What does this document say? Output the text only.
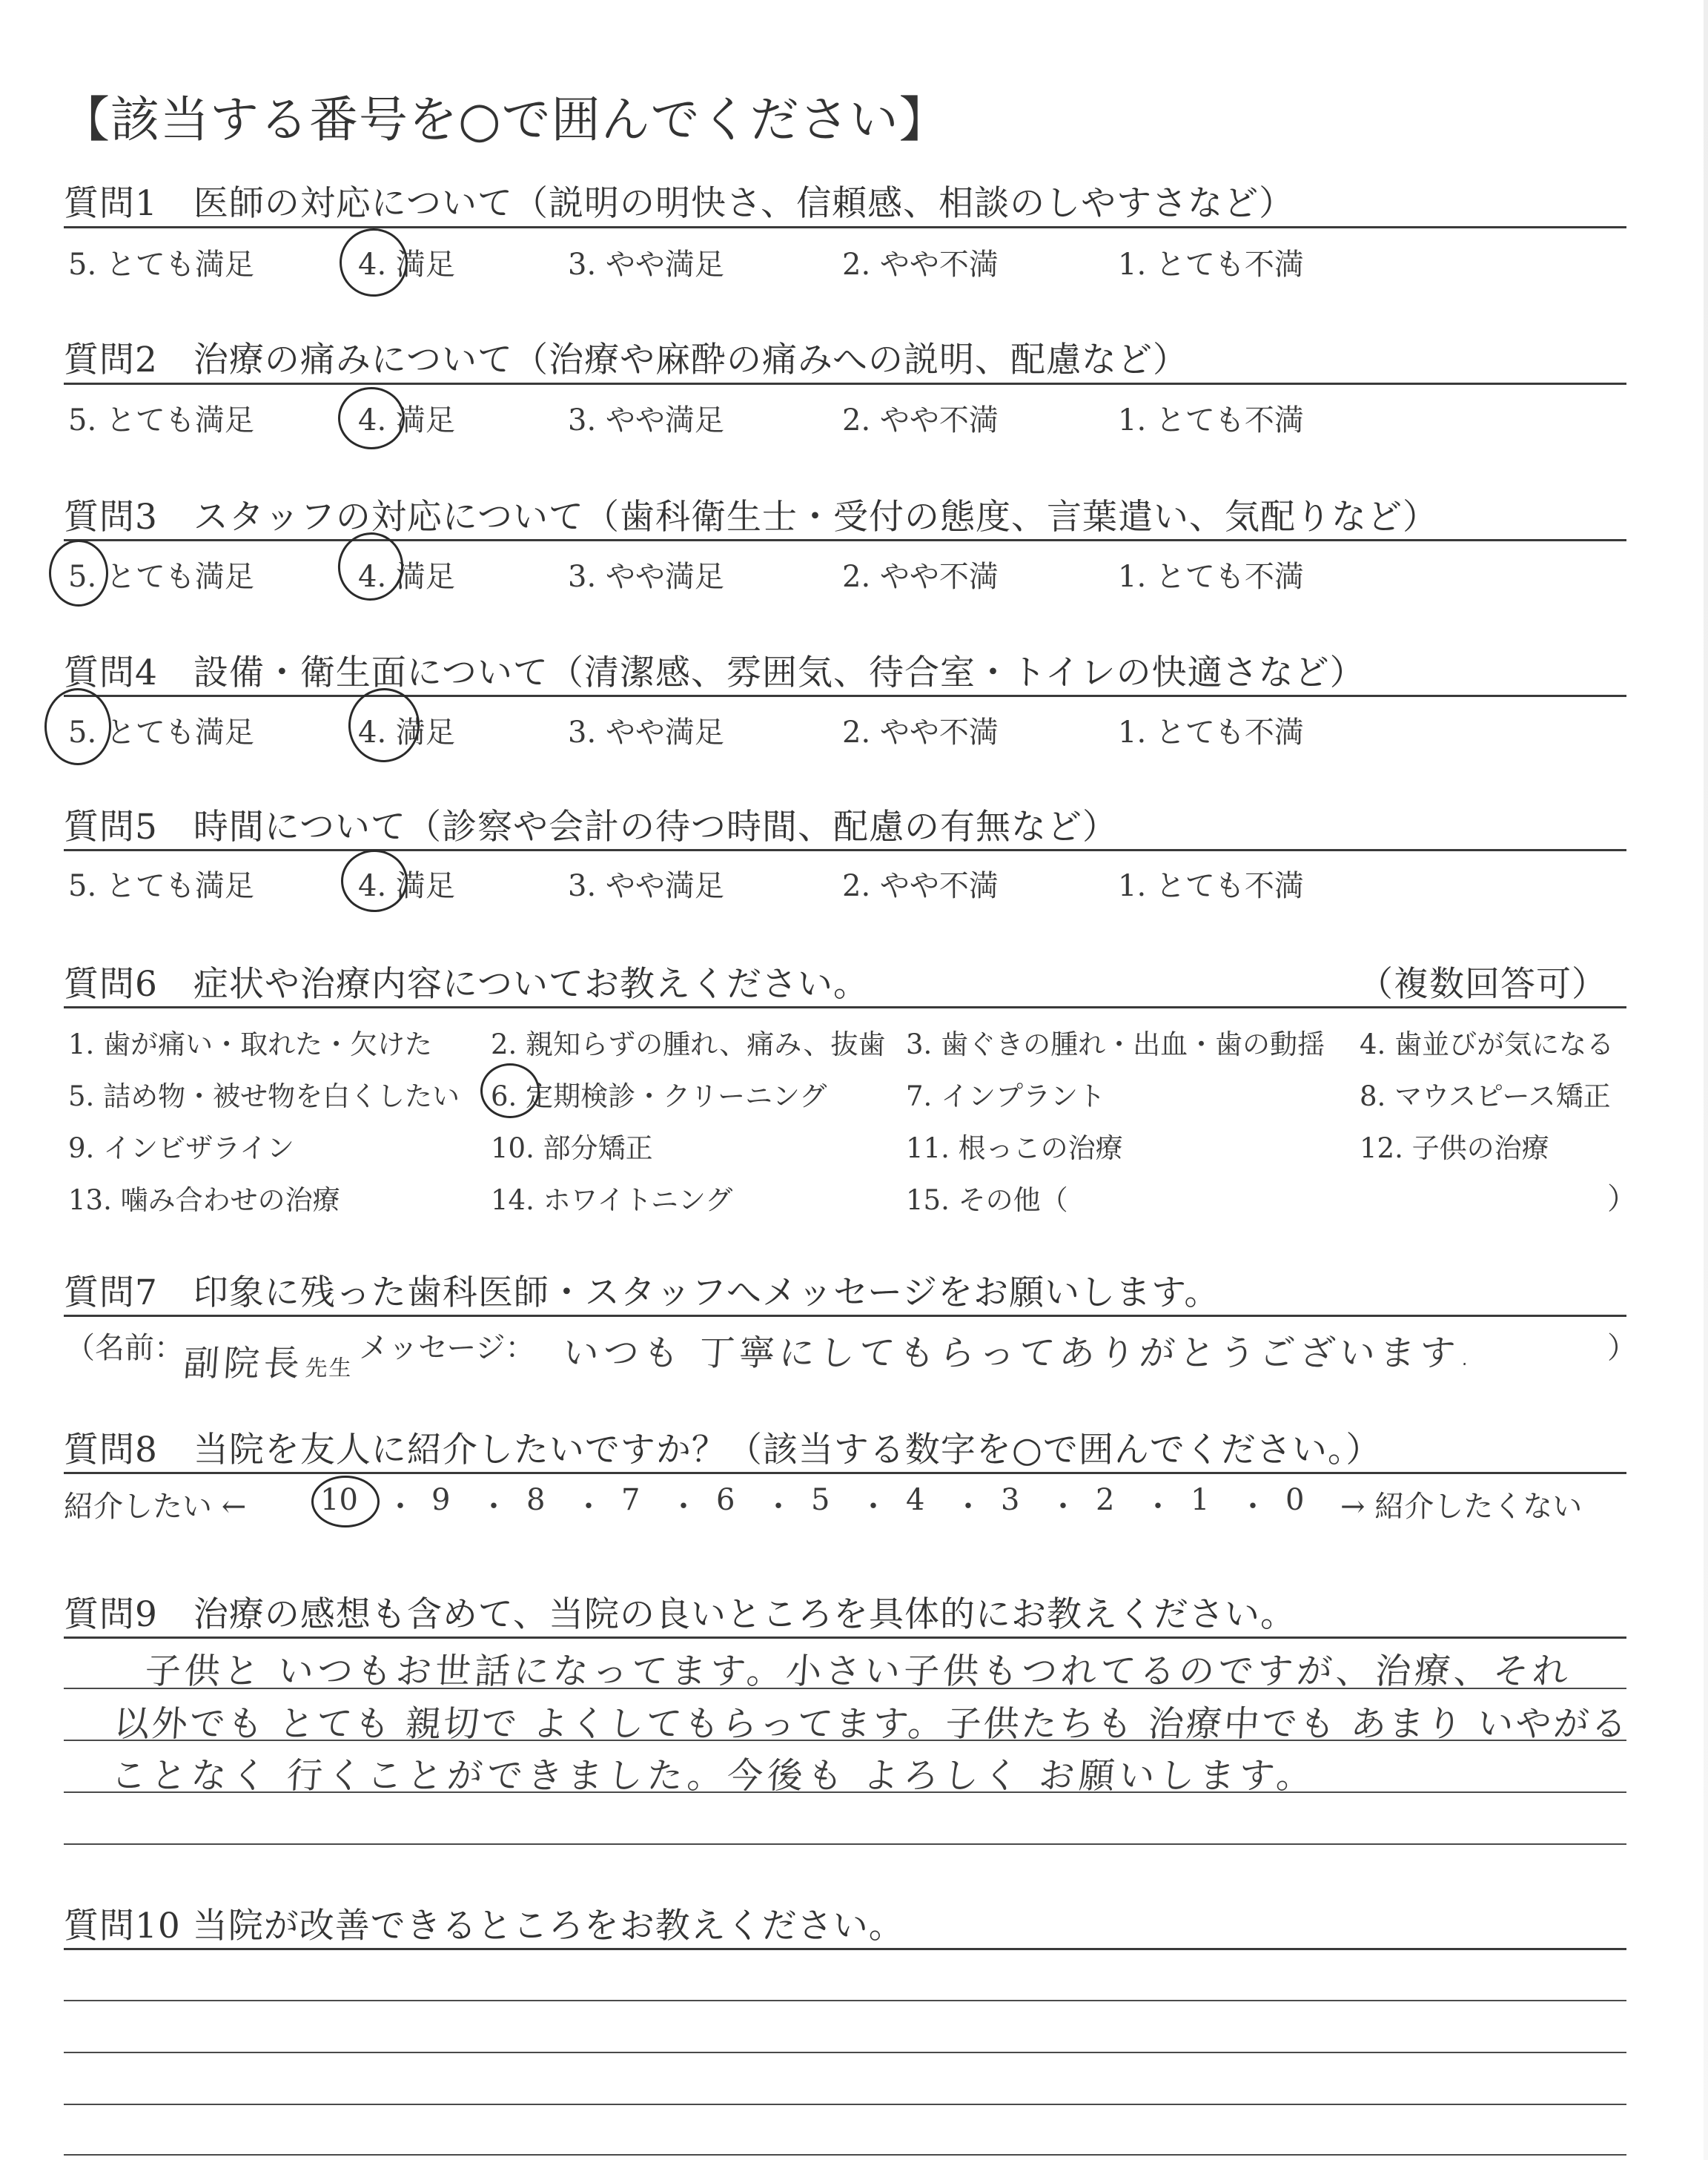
【該当する番号を○で囲んでください】
質問1　医師の対応について（説明の明快さ、信頼感、相談のしやすさなど）
5. とても満足	4. 満足	3. やや満足	2. やや不満	1. とても不満
質問2　治療の痛みについて（治療や麻酔の痛みへの説明、配慮など）
5. とても満足	4. 満足	3. やや満足	2. やや不満	1. とても不満
質問3　スタッフの対応について（歯科衛生士・受付の態度、言葉遣い、気配りなど）
5. とても満足	4. 満足	3. やや満足	2. やや不満	1. とても不満
質問4　設備・衛生面について（清潔感、雰囲気、待合室・トイレの快適さなど）
5. とても満足	4. 満足	3. やや満足	2. やや不満	1. とても不満
質問5　時間について（診察や会計の待つ時間、配慮の有無など）
5. とても満足	4. 満足	3. やや満足	2. やや不満	1. とても不満
質問6　症状や治療内容についてお教えください。	（複数回答可）
1. 歯が痛い・取れた・欠けた 2. 親知らずの腫れ、痛み、抜歯 3. 歯ぐきの腫れ・出血・歯の動揺 4. 歯並びが気になる
5. 詰め物・被せ物を白くしたい 6. 定期検診・クリーニング	7. インプラント	8. マウスピース矯正
9. インビザライン	10. 部分矯正	11. 根っこの治療	12. 子供の治療
13. 噛み合わせの治療	14. ホワイトニング	15. その他（	）
質問7　印象に残った歯科医師・スタッフへメッセージをお願いします。
（名前：
副院長
先生
メッセージ： いつも 丁寧にしてもらってありがとうございます.	）
質問8　当院を友人に紹介したいですか？（該当する数字を○で囲んでください。）
紹介したい ← 10 ・ 9 ・ 8 ・ 7 ・ 6 ・ 5 ・ 4 ・ 3 ・ 2 ・ 1 ・ 0 → 紹介したくない
質問9　治療の感想も含めて、当院の良いところを具体的にお教えください。
子供と いつもお世話になってます。小さい子供もつれてるのですが、治療、それ
以外でも とても 親切で よくしてもらってます。子供たちも 治療中でも あまり いやがる
ことなく 行くことができました。今後も よろしく お願いします。
質問10 当院が改善できるところをお教えください。
